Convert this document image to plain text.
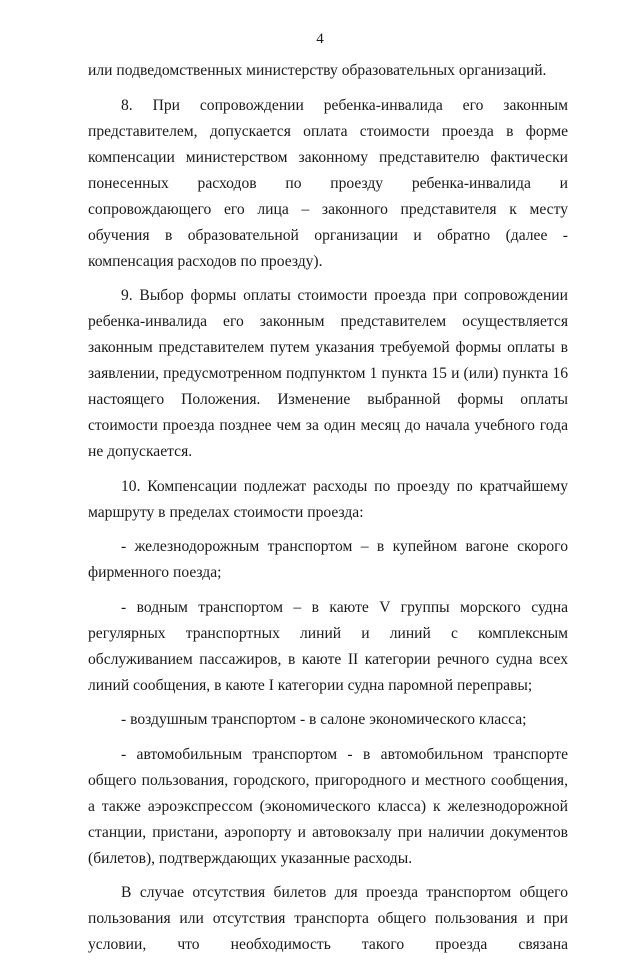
4

или подведомственных министерству образовательных организаций.

8. При сопровождении ребенка-инвалида его законным представителем, допускается оплата стоимости проезда в форме компенсации министерством законному представителю фактически понесенных расходов по проезду ребенка-инвалида и сопровождающего его лица – законного представителя к месту обучения в образовательной организации и обратно (далее - компенсация расходов по проезду).

9. Выбор формы оплаты стоимости проезда при сопровождении ребенка-инвалида его законным представителем осуществляется законным представителем путем указания требуемой формы оплаты в заявлении, предусмотренном подпунктом 1 пункта 15 и (или) пункта 16 настоящего Положения. Изменение выбранной формы оплаты стоимости проезда позднее чем за один месяц до начала учебного года не допускается.

10. Компенсации подлежат расходы по проезду по кратчайшему маршруту в пределах стоимости проезда:

- железнодорожным транспортом – в купейном вагоне скорого фирменного поезда;

- водным транспортом – в каюте V группы морского судна регулярных транспортных линий и линий с комплексным обслуживанием пассажиров, в каюте II категории речного судна всех линий сообщения, в каюте I категории судна паромной переправы;

- воздушным транспортом - в салоне экономического класса;

- автомобильным транспортом - в автомобильном транспорте общего пользования, городского, пригородного и местного сообщения, а также аэроэкспрессом (экономического класса) к железнодорожной станции, пристани, аэропорту и автовокзалу при наличии документов (билетов), подтверждающих указанные расходы.

В случае отсутствия билетов для проезда транспортом общего пользования или отсутствия транспорта общего пользования и при условии, что необходимость такого проезда связана
